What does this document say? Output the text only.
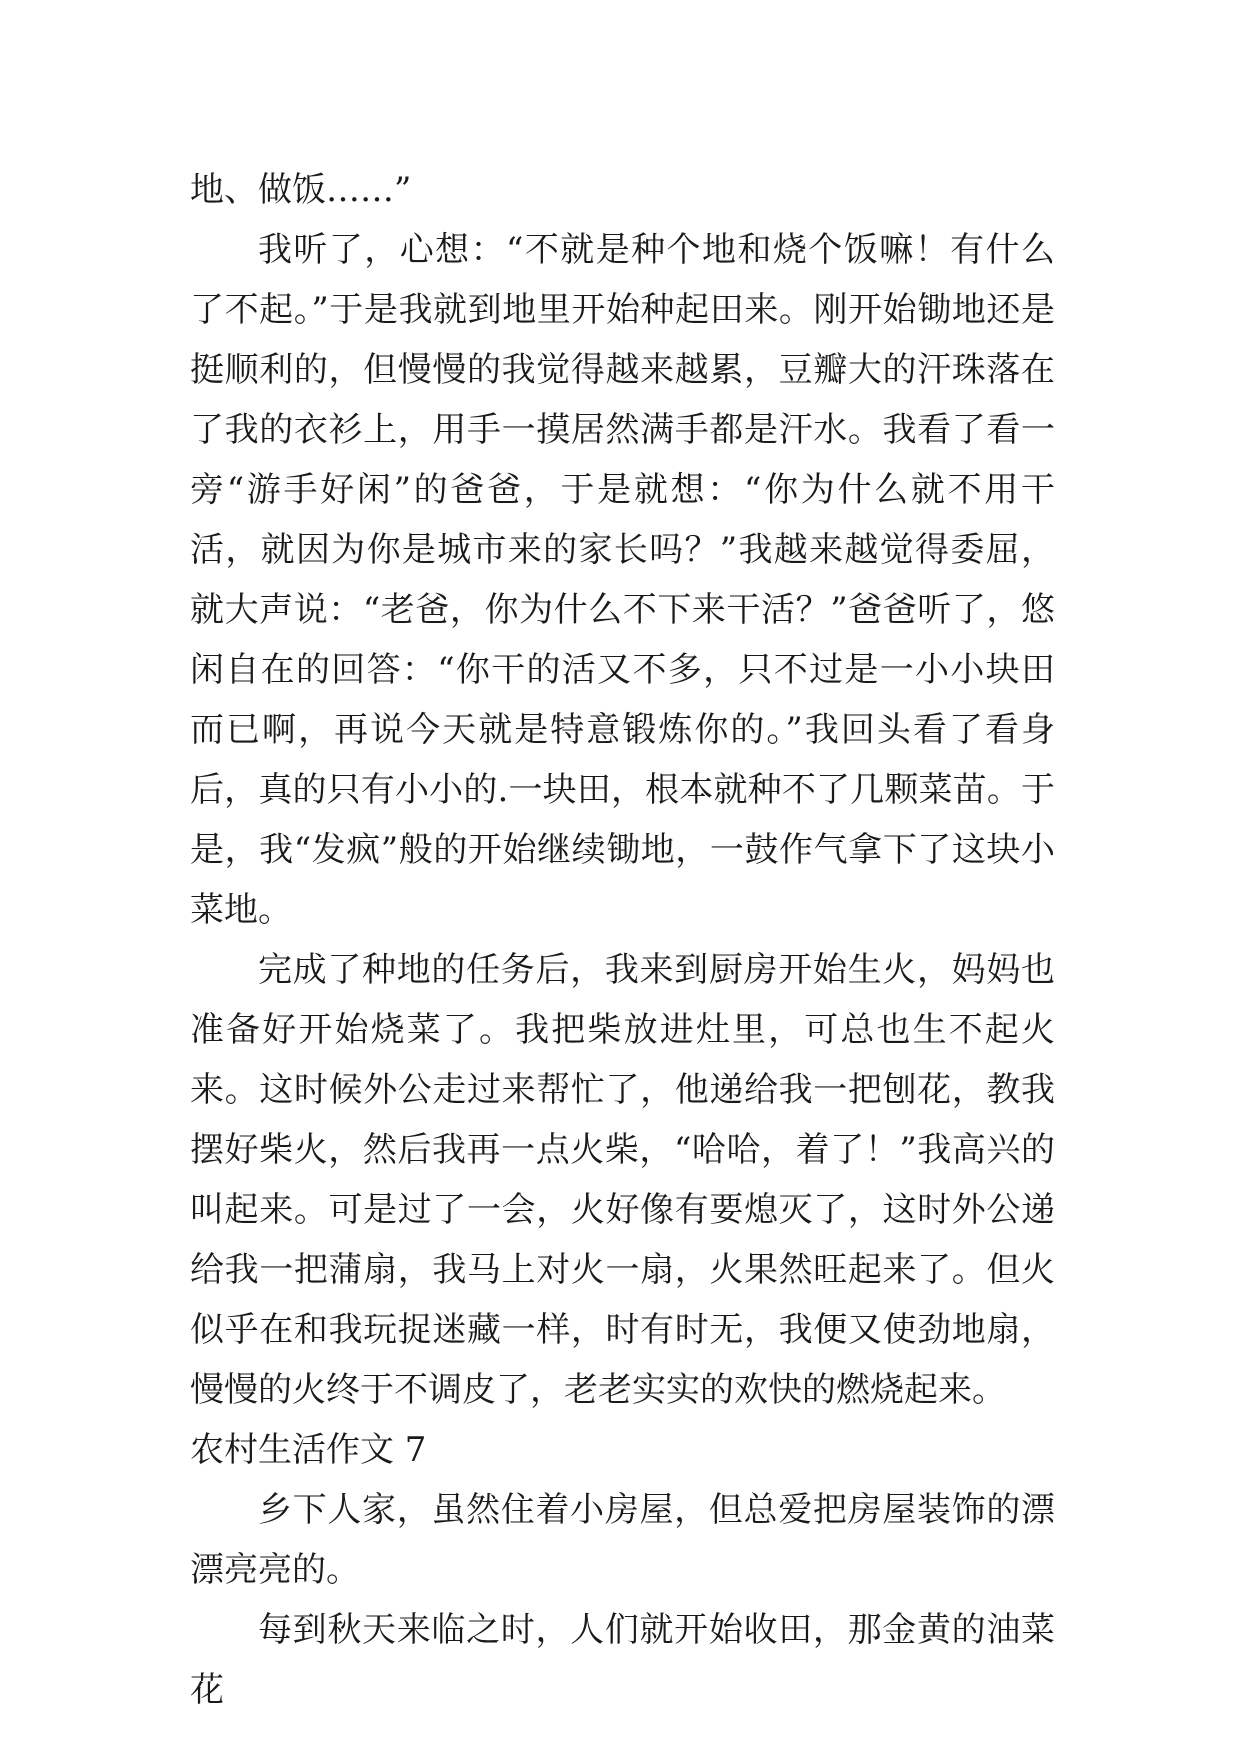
地、做饭……”

我听了，心想：“不就是种个地和烧个饭嘛！有什么了不起。”于是我就到地里开始种起田来。刚开始锄地还是挺顺利的，但慢慢的我觉得越来越累，豆瓣大的汗珠落在了我的衣衫上，用手一摸居然满手都是汗水。我看了看一旁“游手好闲”的爸爸，于是就想：“你为什么就不用干活，就因为你是城市来的家长吗？”我越来越觉得委屈，就大声说：“老爸，你为什么不下来干活？”爸爸听了，悠闲自在的回答：“你干的活又不多，只不过是一小小块田而已啊，再说今天就是特意锻炼你的。”我回头看了看身后，真的只有小小的.一块田，根本就种不了几颗菜苗。于是，我“发疯”般的开始继续锄地，一鼓作气拿下了这块小菜地。

完成了种地的任务后，我来到厨房开始生火，妈妈也准备好开始烧菜了。我把柴放进灶里，可总也生不起火来。这时候外公走过来帮忙了，他递给我一把刨花，教我摆好柴火，然后我再一点火柴，“哈哈，着了！”我高兴的叫起来。可是过了一会，火好像有要熄灭了，这时外公递给我一把蒲扇，我马上对火一扇，火果然旺起来了。但火似乎在和我玩捉迷藏一样，时有时无，我便又使劲地扇，慢慢的火终于不调皮了，老老实实的欢快的燃烧起来。

农村生活作文 7

乡下人家，虽然住着小房屋，但总爱把房屋装饰的漂漂亮亮的。

每到秋天来临之时，人们就开始收田，那金黄的油菜花
